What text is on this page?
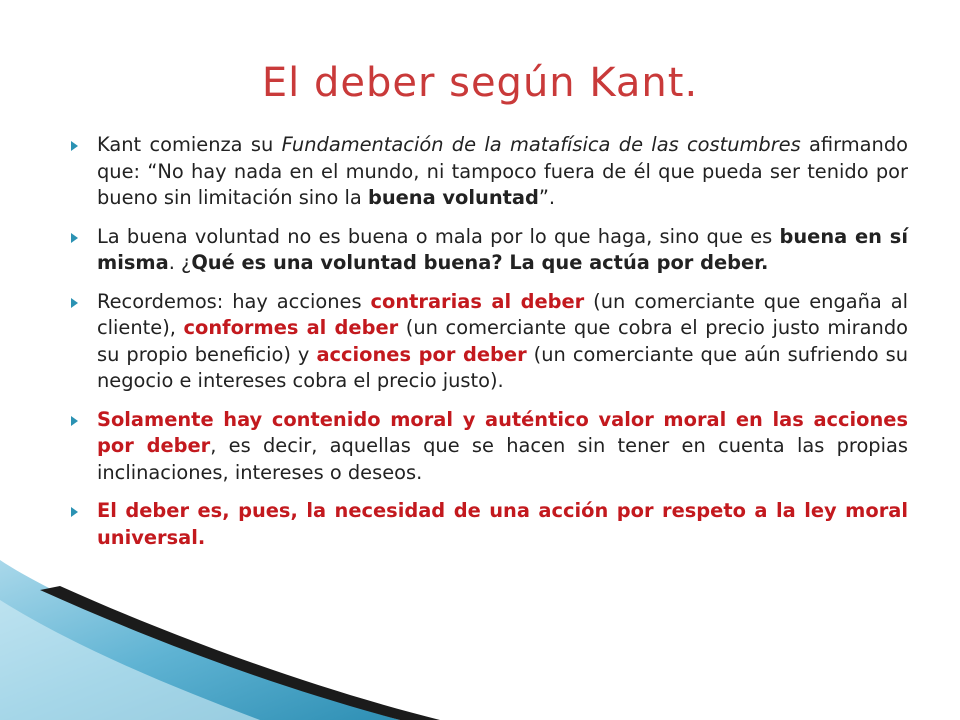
El deber según Kant.
Kant comienza su Fundamentación de la matafísica de las costumbres afirmando que: “No hay nada en el mundo, ni tampoco fuera de él que pueda ser tenido por bueno sin limitación sino la buena voluntad”.
La buena voluntad no es buena o mala por lo que haga, sino que es buena en sí misma. ¿Qué es una voluntad buena? La que actúa por deber.
Recordemos: hay acciones contrarias al deber (un comerciante que engaña al cliente), conformes al deber (un comerciante que cobra el precio justo mirando su propio beneficio) y acciones por deber (un comerciante que aún sufriendo su negocio e intereses cobra el precio justo).
Solamente hay contenido moral y auténtico valor moral en las acciones por deber, es decir, aquellas que se hacen sin tener en cuenta las propias inclinaciones, intereses o deseos.
El deber es, pues, la necesidad de una acción por respeto a la ley moral universal.
